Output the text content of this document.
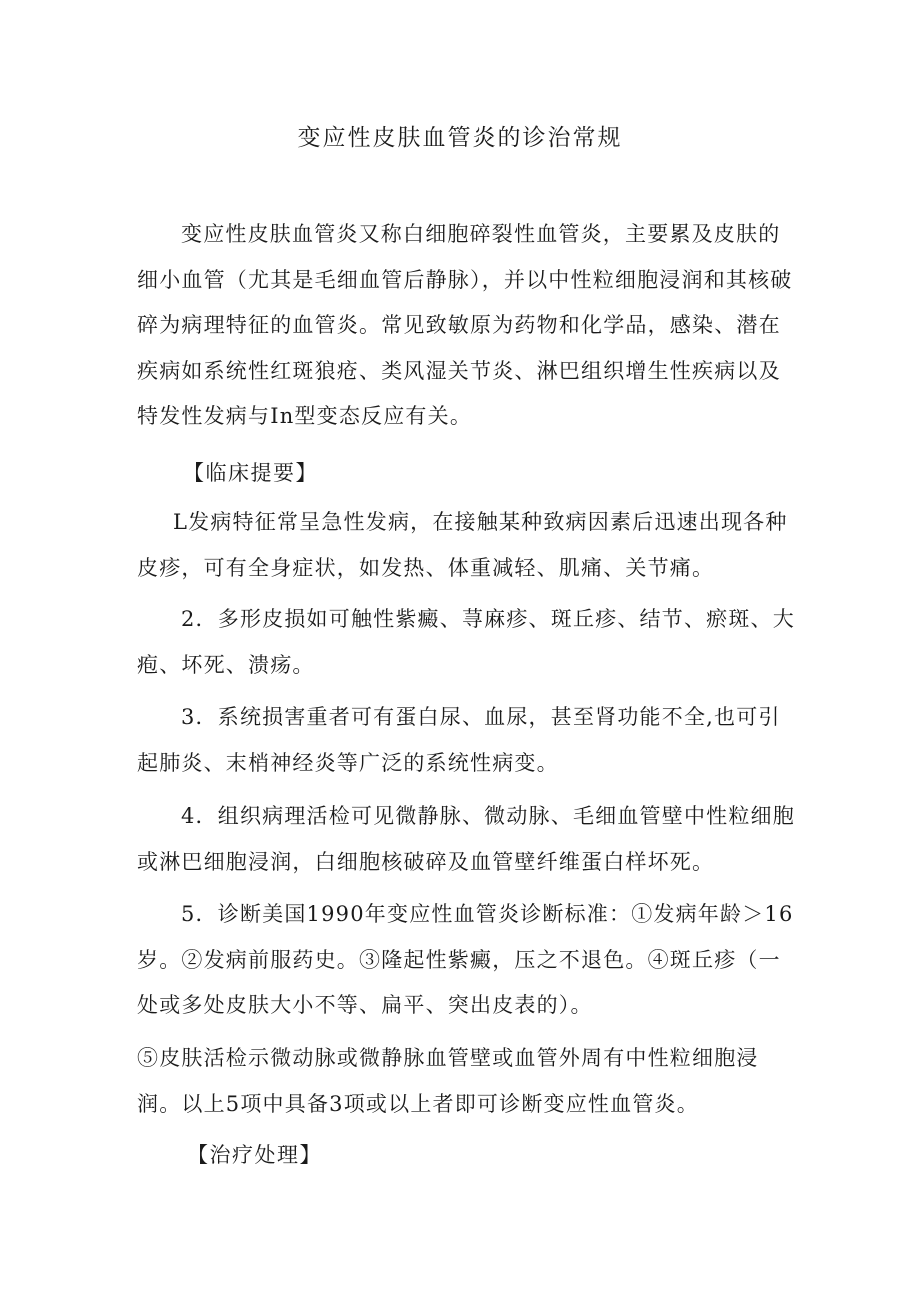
变应性皮肤血管炎的诊治常规

变应性皮肤血管炎又称白细胞碎裂性血管炎，主要累及皮肤的细小血管（尤其是毛细血管后静脉），并以中性粒细胞浸润和其核破碎为病理特征的血管炎。常见致敏原为药物和化学品，感染、潜在疾病如系统性红斑狼疮、类风湿关节炎、淋巴组织增生性疾病以及特发性发病与In型变态反应有关。

【临床提要】

L发病特征常呈急性发病，在接触某种致病因素后迅速出现各种皮疹，可有全身症状，如发热、体重减轻、肌痛、关节痛。

2．多形皮损如可触性紫癜、荨麻疹、斑丘疹、结节、瘀斑、大疱、坏死、溃疡。

3．系统损害重者可有蛋白尿、血尿，甚至肾功能不全,也可引起肺炎、末梢神经炎等广泛的系统性病变。

4．组织病理活检可见微静脉、微动脉、毛细血管壁中性粒细胞或淋巴细胞浸润，白细胞核破碎及血管壁纤维蛋白样坏死。

5．诊断美国1990年变应性血管炎诊断标准：①发病年龄＞16岁。②发病前服药史。③隆起性紫癜，压之不退色。④斑丘疹（一处或多处皮肤大小不等、扁平、突出皮表的）。

⑤皮肤活检示微动脉或微静脉血管壁或血管外周有中性粒细胞浸润。以上5项中具备3项或以上者即可诊断变应性血管炎。

【治疗处理】
